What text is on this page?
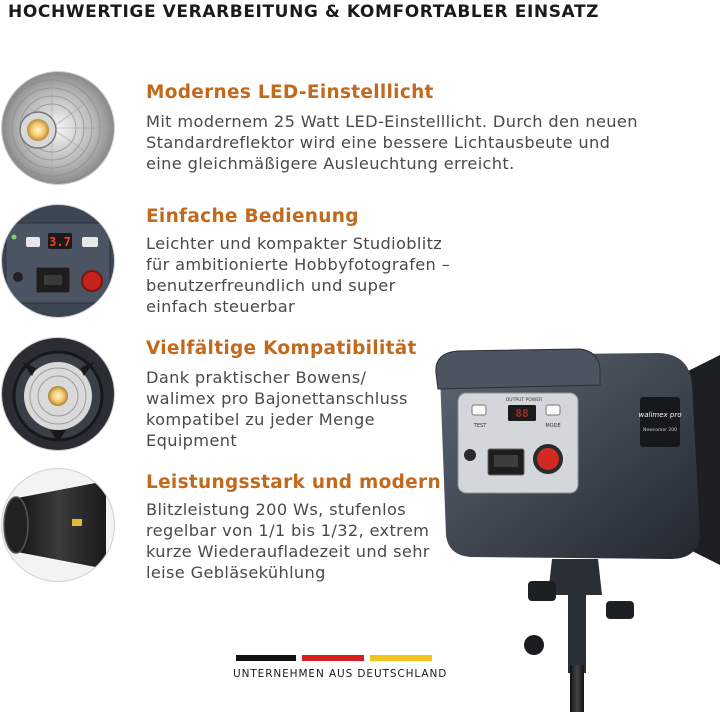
HOCHWERTIGE VERARBEITUNG & KOMFORTABLER EINSATZ
Modernes LED-Einstelllicht
Mit modernem 25 Watt LED-Einstelllicht. Durch den neuen
Standardreflektor wird eine bessere Lichtausbeute und
eine gleichmäßigere Ausleuchtung erreicht.
3.7
Einfache Bedienung
Leichter und kompakter Studioblitz
für ambitionierte Hobbyfotografen –
benutzerfreundlich und super
einfach steuerbar
Vielfältige Kompatibilität
Dank praktischer Bowens/
walimex pro Bajonettanschluss
kompatibel zu jeder Menge
Equipment
Leistungsstark und modern
Blitzleistung 200 Ws, stufenlos
regelbar von 1/1 bis 1/32, extrem
kurze Wiederaufladezeit und sehr
leise Gebläsekühlung
TEST
OUTPUT POWER
88
MODE
walimex pro
Newcomer 200
UNTERNEHMEN AUS DEUTSCHLAND
